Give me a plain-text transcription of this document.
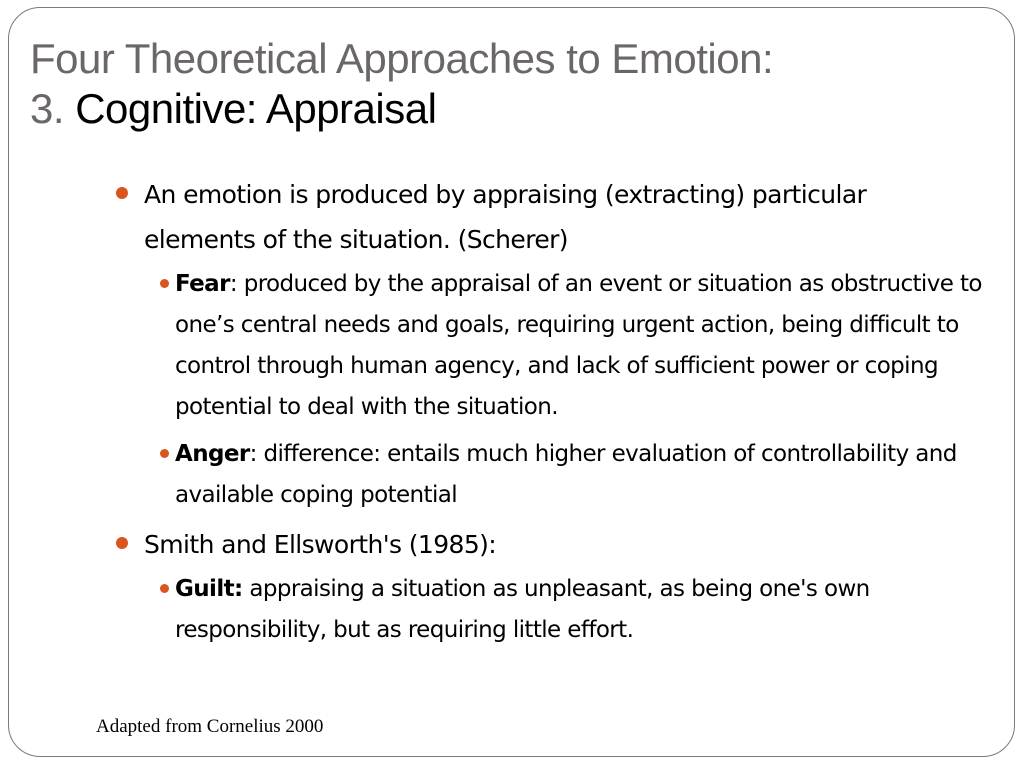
Four Theoretical Approaches to Emotion:
3. Cognitive: Appraisal
An emotion is produced by appraising (extracting) particular elements of the situation. (Scherer)
Fear: produced by the appraisal of an event or situation as obstructive to one’s central needs and goals, requiring urgent action, being difficult to control through human agency, and lack of sufficient power or coping potential to deal with the situation.
Anger: difference: entails much higher evaluation of controllability and available coping potential
Smith and Ellsworth's (1985):
Guilt: appraising a situation as unpleasant, as being one's own responsibility, but as requiring little effort.
Adapted from Cornelius 2000
